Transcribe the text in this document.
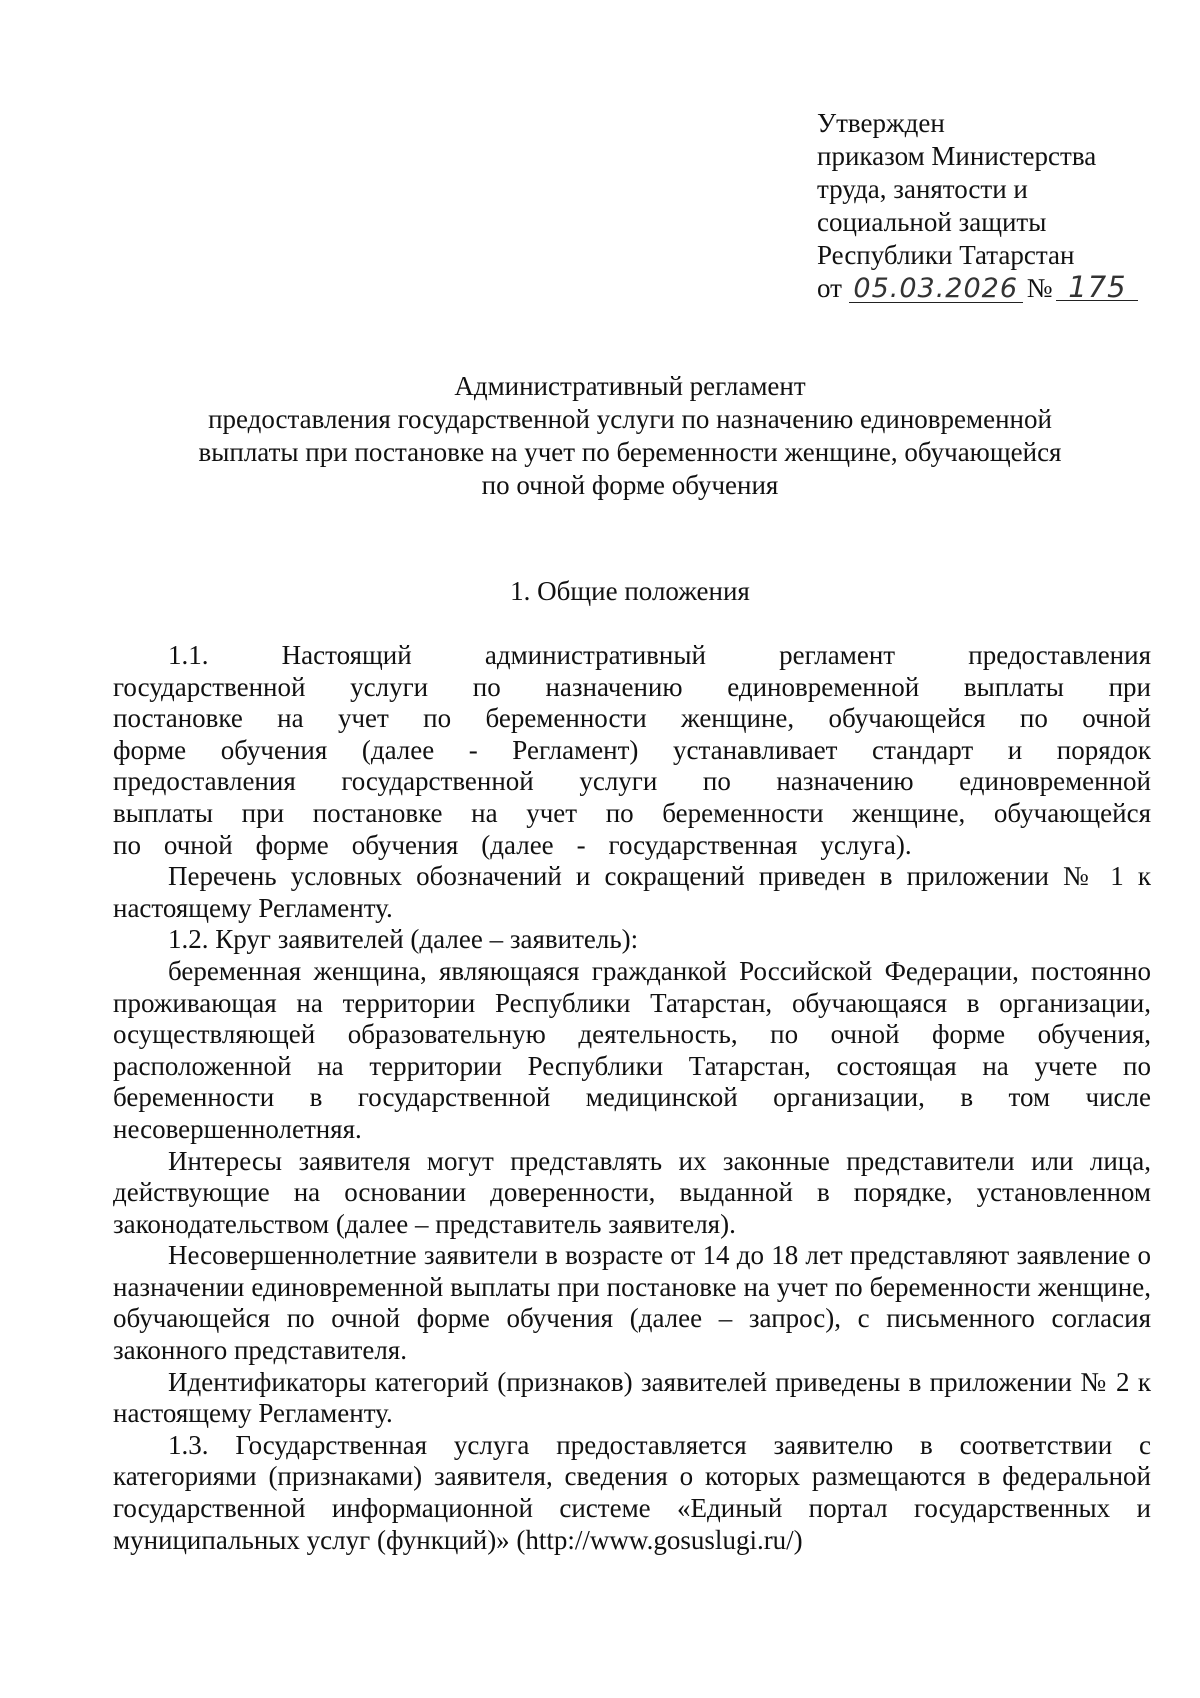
Утвержден
приказом Министерства
труда, занятости и
социальной защиты
Республики Татарстан
от 05.03.2026 № 175
Административный регламент
предоставления государственной услуги по назначению единовременной
выплаты при постановке на учет по беременности женщине, обучающейся
по очной форме обучения
1. Общие положения

1.1. Настоящий административный регламент предоставления государственной услуги по назначению единовременной выплаты при постановке на учет по беременности женщине, обучающейся по очной форме обучения (далее - Регламент) устанавливает стандарт и порядок предоставления государственной услуги по назначению единовременной выплаты при постановке на учет по беременности женщине, обучающейся по очной форме обучения (далее - государственная услуга).

Перечень условных обозначений и сокращений приведен в приложении № 1 к настоящему Регламенту.

1.2. Круг заявителей (далее – заявитель):

беременная женщина, являющаяся гражданкой Российской Федерации, постоянно проживающая на территории Республики Татарстан, обучающаяся в организации, осуществляющей образовательную деятельность, по очной форме обучения, расположенной на территории Республики Татарстан, состоящая на учете по беременности в государственной медицинской организации, в том числе несовершеннолетняя.

Интересы заявителя могут представлять их законные представители или лица, действующие на основании доверенности, выданной в порядке, установленном законодательством (далее – представитель заявителя).

Несовершеннолетние заявители в возрасте от 14 до 18 лет представляют заявление о назначении единовременной выплаты при постановке на учет по беременности женщине, обучающейся по очной форме обучения (далее – запрос), с письменного согласия законного представителя.

Идентификаторы категорий (признаков) заявителей приведены в приложении № 2 к настоящему Регламенту.

1.3. Государственная услуга предоставляется заявителю в соответствии с категориями (признаками) заявителя, сведения о которых размещаются в федеральной государственной информационной системе «Единый портал государственных и муниципальных услуг (функций)» (http://www.gosuslugi.ru/)
